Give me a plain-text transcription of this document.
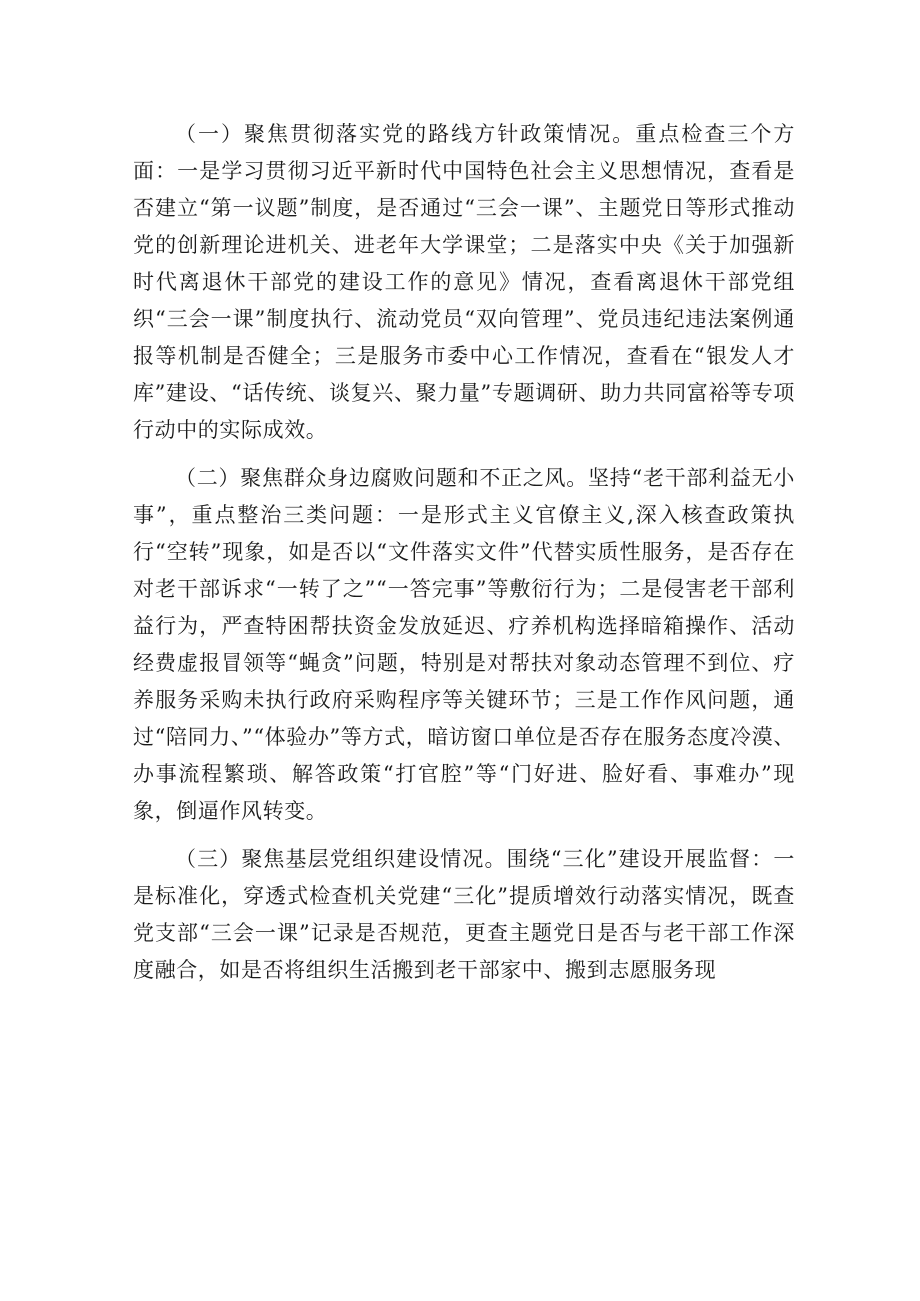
（一）聚焦贯彻落实党的路线方针政策情况。重点检查三个方面：一是学习贯彻习近平新时代中国特色社会主义思想情况，查看是否建立“第一议题”制度，是否通过“三会一课”、主题党日等形式推动党的创新理论进机关、进老年大学课堂；二是落实中央《关于加强新时代离退休干部党的建设工作的意见》情况，查看离退休干部党组织“三会一课”制度执行、流动党员“双向管理”、党员违纪违法案例通报等机制是否健全；三是服务市委中心工作情况，查看在“银发人才库”建设、“话传统、谈复兴、聚力量”专题调研、助力共同富裕等专项行动中的实际成效。

（二）聚焦群众身边腐败问题和不正之风。坚持“老干部利益无小事”，重点整治三类问题：一是形式主义官僚主义,深入核查政策执行“空转”现象，如是否以“文件落实文件”代替实质性服务，是否存在对老干部诉求“一转了之”“一答完事”等敷衍行为；二是侵害老干部利益行为，严查特困帮扶资金发放延迟、疗养机构选择暗箱操作、活动经费虚报冒领等“蝇贪”问题，特别是对帮扶对象动态管理不到位、疗养服务采购未执行政府采购程序等关键环节；三是工作作风问题，通过“陪同力、”“体验办”等方式，暗访窗口单位是否存在服务态度冷漠、办事流程繁琐、解答政策“打官腔”等“门好进、脸好看、事难办”现象，倒逼作风转变。

（三）聚焦基层党组织建设情况。围绕“三化”建设开展监督：一是标准化，穿透式检查机关党建“三化”提质增效行动落实情况，既查党支部“三会一课”记录是否规范，更查主题党日是否与老干部工作深度融合，如是否将组织生活搬到老干部家中、搬到志愿服务现
